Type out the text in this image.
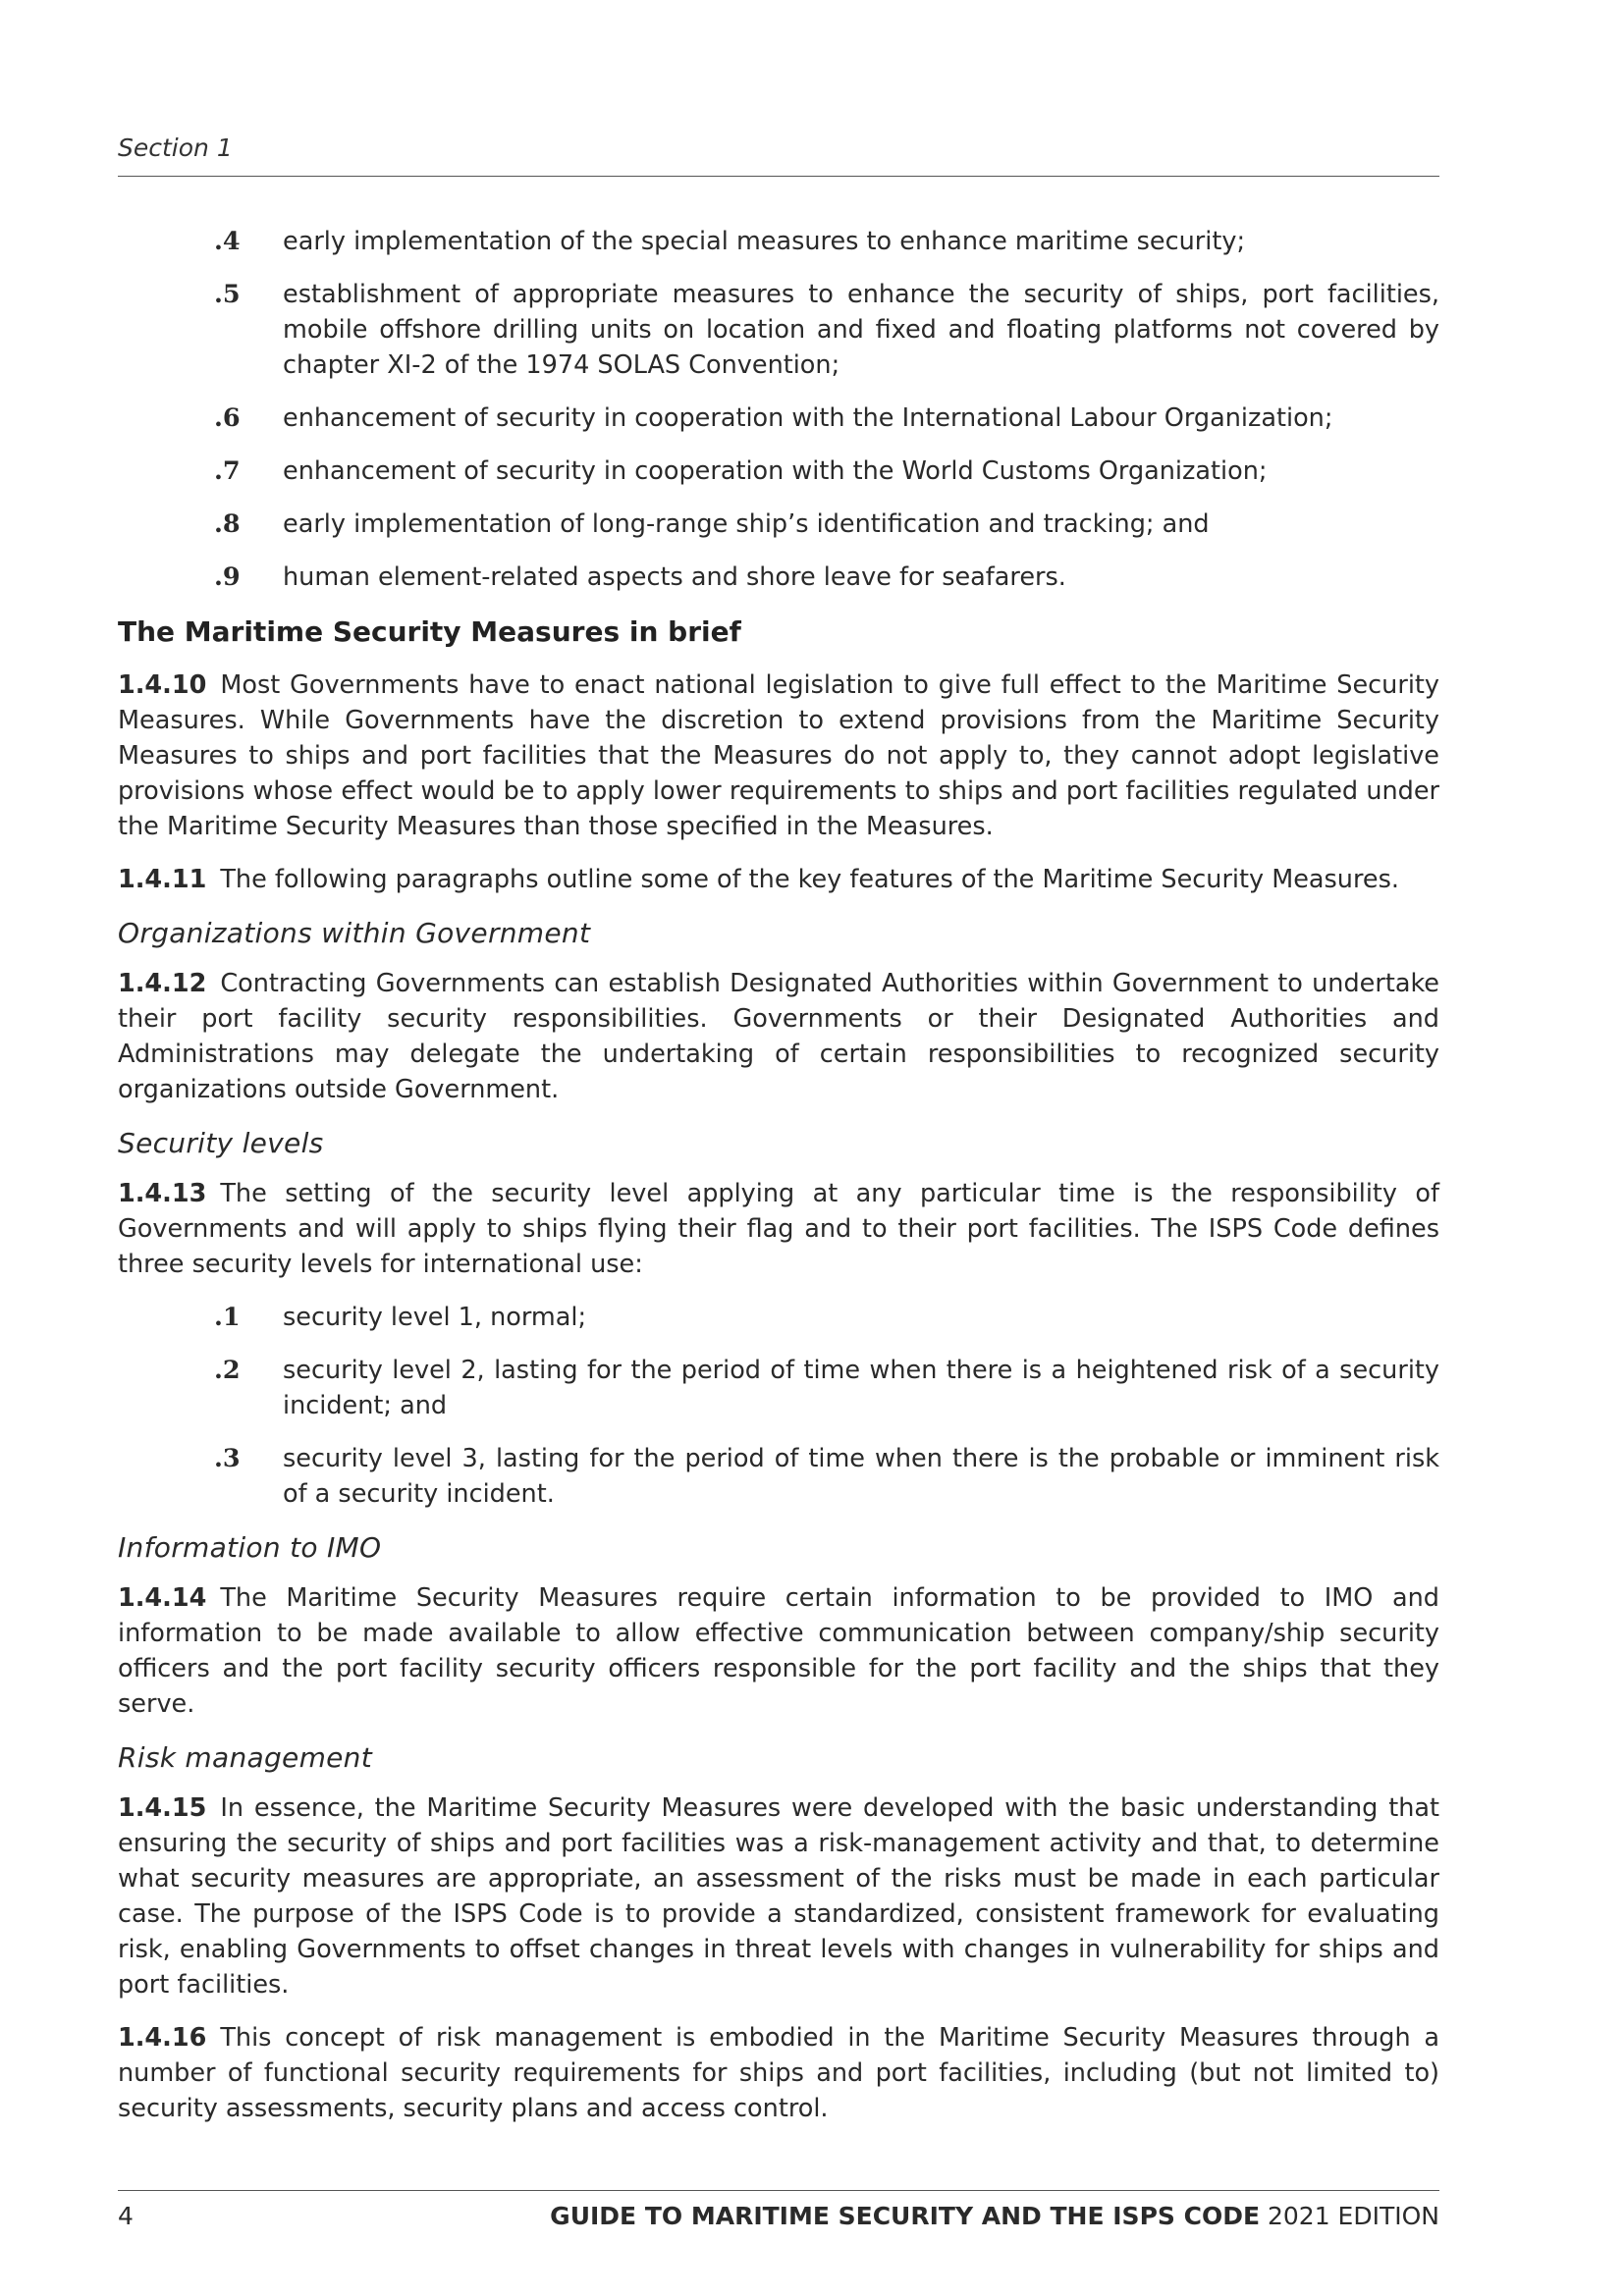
Section 1
.4 early implementation of the special measures to enhance maritime security;
.5 establishment of appropriate measures to enhance the security of ships, port facilities, mobile offshore drilling units on location and fixed and floating platforms not covered by chapter XI-2 of the 1974 SOLAS Convention;
.6 enhancement of security in cooperation with the International Labour Organization;
.7 enhancement of security in cooperation with the World Customs Organization;
.8 early implementation of long-range ship’s identification and tracking; and
.9 human element-related aspects and shore leave for seafarers.
The Maritime Security Measures in brief

1.4.10 Most Governments have to enact national legislation to give full effect to the Maritime Security Measures. While Governments have the discretion to extend provisions from the Maritime Security Measures to ships and port facilities that the Measures do not apply to, they cannot adopt legislative provisions whose effect would be to apply lower requirements to ships and port facilities regulated under the Maritime Security Measures than those specified in the Measures.

1.4.11 The following paragraphs outline some of the key features of the Maritime Security Measures.

Organizations within Government

1.4.12 Contracting Governments can establish Designated Authorities within Government to undertake their port facility security responsibilities. Governments or their Designated Authorities and Administrations may delegate the undertaking of certain responsibilities to recognized security organizations outside Government.

Security levels

1.4.13 The setting of the security level applying at any particular time is the responsibility of Governments and will apply to ships flying their flag and to their port facilities. The ISPS Code defines three security levels for international use:

.1 security level 1, normal;
.2 security level 2, lasting for the period of time when there is a heightened risk of a security incident; and
.3 security level 3, lasting for the period of time when there is the probable or imminent risk of a security incident.
Information to IMO

1.4.14 The Maritime Security Measures require certain information to be provided to IMO and information to be made available to allow effective communication between company/ship security officers and the port facility security officers responsible for the port facility and the ships that they serve.

Risk management

1.4.15 In essence, the Maritime Security Measures were developed with the basic understanding that ensuring the security of ships and port facilities was a risk-management activity and that, to determine what security measures are appropriate, an assessment of the risks must be made in each particular case. The purpose of the ISPS Code is to provide a standardized, consistent framework for evaluating risk, enabling Governments to offset changes in threat levels with changes in vulnerability for ships and port facilities.

1.4.16 This concept of risk management is embodied in the Maritime Security Measures through a number of functional security requirements for ships and port facilities, including (but not limited to) security assessments, security plans and access control.

4	GUIDE TO MARITIME SECURITY AND THE ISPS CODE 2021 EDITION
